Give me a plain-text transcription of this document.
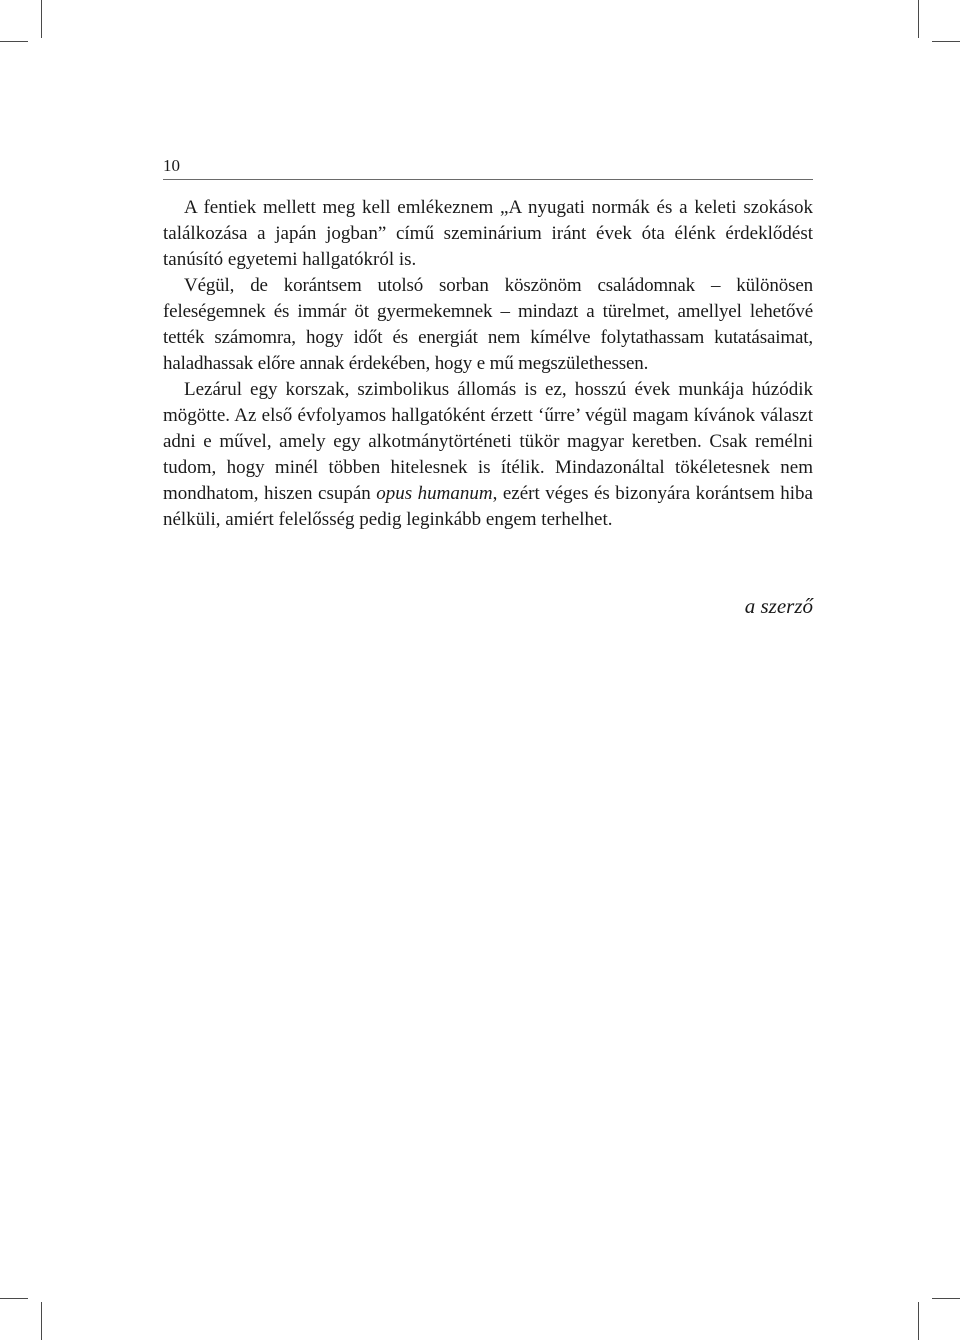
10

A fentiek mellett meg kell emlékeznem „A nyugati normák és a keleti szokások találkozása a japán jogban” című szeminárium iránt évek óta élénk érdeklődést tanúsító egyetemi hallgatókról is.

Végül, de korántsem utolsó sorban köszönöm családomnak – különösen feleségemnek és immár öt gyermekemnek – mindazt a türelmet, amellyel lehetővé tették számomra, hogy időt és energiát nem kímélve folytathassam kutatásaimat, haladhassak előre annak érdekében, hogy e mű megszülethessen.

Lezárul egy korszak, szimbolikus állomás is ez, hosszú évek munkája húzódik mögötte. Az első évfolyamos hallgatóként érzett ‘űrre’ végül magam kívánok választ adni e művel, amely egy alkotmánytörténeti tükör magyar keretben. Csak remélni tudom, hogy minél többen hitelesnek is ítélik. Mindazonáltal tökéletesnek nem mondhatom, hiszen csupán opus humanum, ezért véges és bizonyára korántsem hiba nélküli, amiért felelősség pedig leginkább engem terhelhet.

a szerző
